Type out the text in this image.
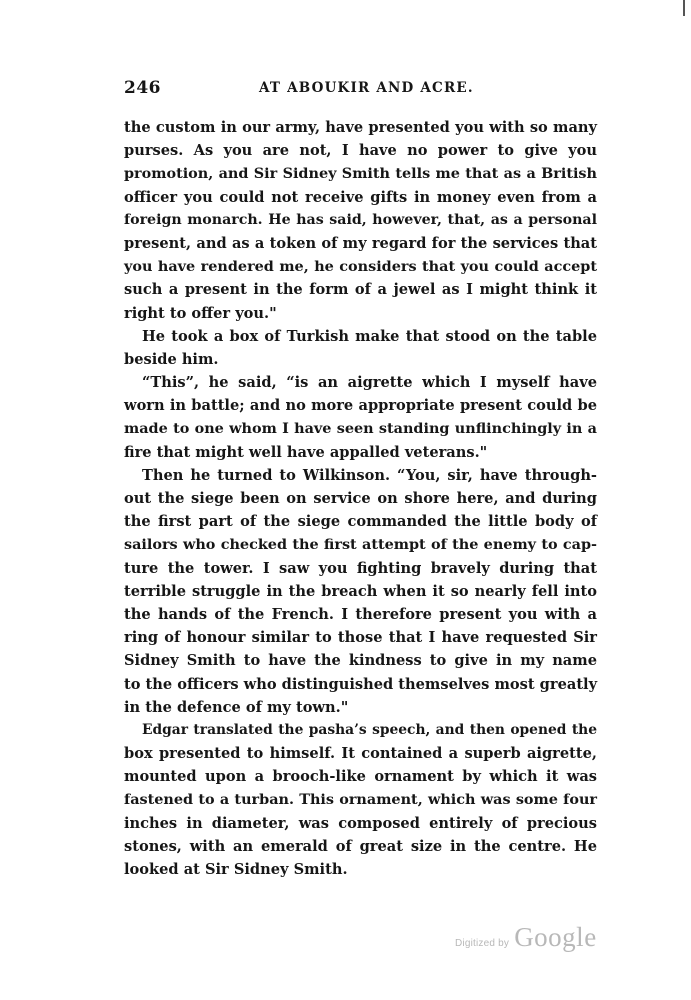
246	AT ABOUKIR AND ACRE.
the custom in our army, have presented you with so many
purses. As you are not, I have no power to give you
promotion, and Sir Sidney Smith tells me that as a British
officer you could not receive gifts in money even from a
foreign monarch. He has said, however, that, as a personal
present, and as a token of my regard for the services that
you have rendered me, he considers that you could accept
such a present in the form of a jewel as I might think it
right to offer you."
He took a box of Turkish make that stood on the table
beside him.
“This”, he said, “is an aigrette which I myself have
worn in battle; and no more appropriate present could be
made to one whom I have seen standing unflinchingly in a
fire that might well have appalled veterans."
Then he turned to Wilkinson. “You, sir, have through-
out the siege been on service on shore here, and during
the first part of the siege commanded the little body of
sailors who checked the first attempt of the enemy to cap-
ture the tower. I saw you fighting bravely during that
terrible struggle in the breach when it so nearly fell into
the hands of the French. I therefore present you with a
ring of honour similar to those that I have requested Sir
Sidney Smith to have the kindness to give in my name
to the officers who distinguished themselves most greatly
in the defence of my town."
Edgar translated the pasha’s speech, and then opened the
box presented to himself. It contained a superb aigrette,
mounted upon a brooch-like ornament by which it was
fastened to a turban. This ornament, which was some four
inches in diameter, was composed entirely of precious
stones, with an emerald of great size in the centre. He
looked at Sir Sidney Smith.
Digitized by Google
